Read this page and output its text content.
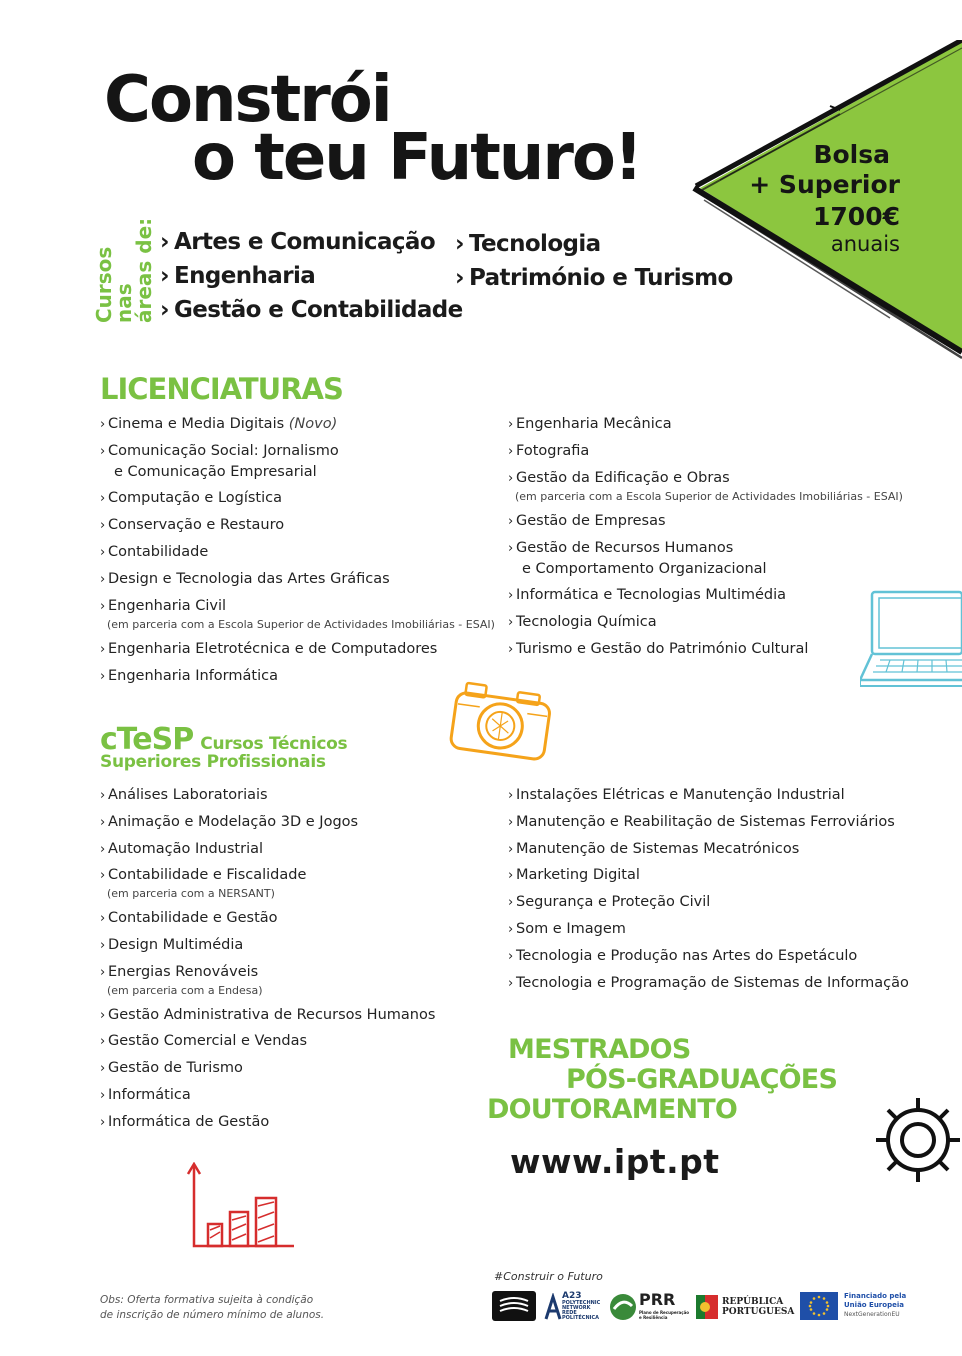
Bolsa
+ Superior
1700€
anuais
Constrói
o teu Futuro!
Cursos nas
áreas de: › Artes e Comunicação
› Engenharia
› Gestão e Contabilidade
› Tecnologia
› Património e Turismo
LICENCIATURAS
› Cinema e Media Digitais (Novo)
› Comunicação Social: Jornalismo
e Comunicação Empresarial
› Computação e Logística
› Conservação e Restauro
› Contabilidade
› Design e Tecnologia das Artes Gráficas
› Engenharia Civil
(em parceria com a Escola Superior de Actividades Imobiliárias - ESAI)
› Engenharia Eletrotécnica e de Computadores
› Engenharia Informática
› Engenharia Mecânica
› Fotografia
› Gestão da Edificação e Obras
(em parceria com a Escola Superior de Actividades Imobiliárias - ESAI)
› Gestão de Empresas
› Gestão de Recursos Humanos
e Comportamento Organizacional
› Informática e Tecnologias Multimédia
› Tecnologia Química
› Turismo e Gestão do Património Cultural
cTeSP Cursos Técnicos
Superiores Profissionais
› Análises Laboratoriais
› Animação e Modelação 3D e Jogos
› Automação Industrial
› Contabilidade e Fiscalidade
(em parceria com a NERSANT)
› Contabilidade e Gestão
› Design Multimédia
› Energias Renováveis
(em parceria com a Endesa)
› Gestão Administrativa de Recursos Humanos
› Gestão Comercial e Vendas
› Gestão de Turismo
› Informática
› Informática de Gestão
› Instalações Elétricas e Manutenção Industrial
› Manutenção e Reabilitação de Sistemas Ferroviários
› Manutenção de Sistemas Mecatrónicos
› Marketing Digital
› Segurança e Proteção Civil
› Som e Imagem
› Tecnologia e Produção nas Artes do Espetáculo
› Tecnologia e Programação de Sistemas de Informação
MESTRADOS
PÓS-GRADUAÇÕES
DOUTORAMENTO
www.ipt.pt
Obs: Oferta formativa sujeita à condição
de inscrição de número mínimo de alunos.
#Construir o Futuro
A23
POLYTECHNIC
NETWORK
REDE
POLITÉCNICA
PRR
Plano de Recuperação
e Resiliência
REPÚBLICA
PORTUGUESA
Financiado pela
União Europeia
NextGenerationEU
